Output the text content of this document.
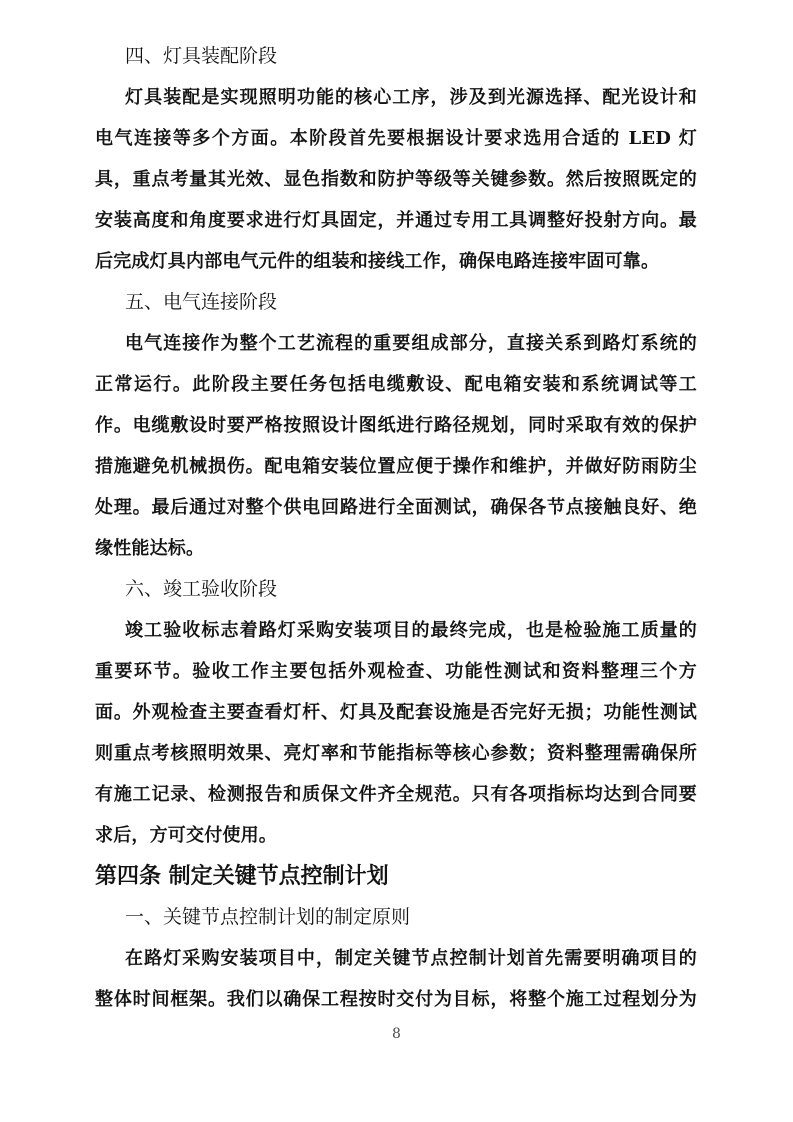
四、灯具装配阶段
灯具装配是实现照明功能的核心工序，涉及到光源选择、配光设计和
电气连接等多个方面。本阶段首先要根据设计要求选用合适的 LED 灯
具，重点考量其光效、显色指数和防护等级等关键参数。然后按照既定的
安装高度和角度要求进行灯具固定，并通过专用工具调整好投射方向。最
后完成灯具内部电气元件的组装和接线工作，确保电路连接牢固可靠。
五、电气连接阶段
电气连接作为整个工艺流程的重要组成部分，直接关系到路灯系统的
正常运行。此阶段主要任务包括电缆敷设、配电箱安装和系统调试等工
作。电缆敷设时要严格按照设计图纸进行路径规划，同时采取有效的保护
措施避免机械损伤。配电箱安装位置应便于操作和维护，并做好防雨防尘
处理。最后通过对整个供电回路进行全面测试，确保各节点接触良好、绝
缘性能达标。
六、竣工验收阶段
竣工验收标志着路灯采购安装项目的最终完成，也是检验施工质量的
重要环节。验收工作主要包括外观检查、功能性测试和资料整理三个方
面。外观检查主要查看灯杆、灯具及配套设施是否完好无损；功能性测试
则重点考核照明效果、亮灯率和节能指标等核心参数；资料整理需确保所
有施工记录、检测报告和质保文件齐全规范。只有各项指标均达到合同要
求后，方可交付使用。
第四条 制定关键节点控制计划
一、关键节点控制计划的制定原则
在路灯采购安装项目中，制定关键节点控制计划首先需要明确项目的
整体时间框架。我们以确保工程按时交付为目标，将整个施工过程划分为
8
